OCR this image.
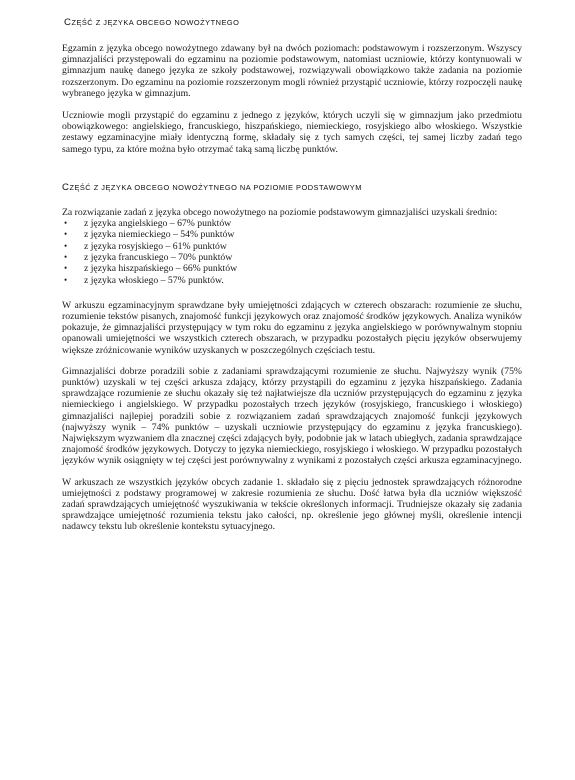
CZĘŚĆ Z JĘZYKA OBCEGO NOWOŻYTNEGO

Egzamin z języka obcego nowożytnego zdawany był na dwóch poziomach: podstawowym i rozszerzonym. Wszyscy gimnazjaliści przystępowali do egzaminu na poziomie podstawowym, natomiast uczniowie, którzy kontynuowali w gimnazjum naukę danego języka ze szkoły podstawowej, rozwiązywali obowiązkowo także zadania na poziomie rozszerzonym. Do egzaminu na poziomie rozszerzonym mogli również przystąpić uczniowie, którzy rozpoczęli naukę wybranego języka w gimnazjum.

Uczniowie mogli przystąpić do egzaminu z jednego z języków, których uczyli się w gimnazjum jako przedmiotu obowiązkowego: angielskiego, francuskiego, hiszpańskiego, niemieckiego, rosyjskiego albo włoskiego. Wszystkie zestawy egzaminacyjne miały identyczną formę, składały się z tych samych części, tej samej liczby zadań tego samego typu, za które można było otrzymać taką samą liczbę punktów.

CZĘŚĆ Z JĘZYKA OBCEGO NOWOŻYTNEGO NA POZIOMIE PODSTAWOWYM

Za rozwiązanie zadań z języka obcego nowożytnego na poziomie podstawowym gimnazjaliści uzyskali średnio:

• z języka angielskiego – 67% punktów
• z języka niemieckiego – 54% punktów
• z języka rosyjskiego – 61% punktów
• z języka francuskiego – 70% punktów
• z języka hiszpańskiego – 66% punktów
• z języka włoskiego – 57% punktów.

W arkuszu egzaminacyjnym sprawdzane były umiejętności zdających w czterech obszarach: rozumienie ze słuchu, rozumienie tekstów pisanych, znajomość funkcji językowych oraz znajomość środków językowych. Analiza wyników pokazuje, że gimnazjaliści przystępujący w tym roku do egzaminu z języka angielskiego w porównywalnym stopniu opanowali umiejętności we wszystkich czterech obszarach, w przypadku pozostałych pięciu języków obserwujemy większe zróżnicowanie wyników uzyskanych w poszczególnych częściach testu.

Gimnazjaliści dobrze poradzili sobie z zadaniami sprawdzającymi rozumienie ze słuchu. Najwyższy wynik (75% punktów) uzyskali w tej części arkusza zdający, którzy przystąpili do egzaminu z języka hiszpańskiego. Zadania sprawdzające rozumienie ze słuchu okazały się też najłatwiejsze dla uczniów przystępujących do egzaminu z języka niemieckiego i angielskiego. W przypadku pozostałych trzech języków (rosyjskiego, francuskiego i włoskiego) gimnazjaliści najlepiej poradzili sobie z rozwiązaniem zadań sprawdzających znajomość funkcji językowych (najwyższy wynik – 74% punktów – uzyskali uczniowie przystępujący do egzaminu z języka francuskiego). Największym wyzwaniem dla znacznej części zdających były, podobnie jak w latach ubiegłych, zadania sprawdzające znajomość środków językowych. Dotyczy to języka niemieckiego, rosyjskiego i włoskiego. W przypadku pozostałych języków wynik osiągnięty w tej części jest porównywalny z wynikami z pozostałych części arkusza egzaminacyjnego.

W arkuszach ze wszystkich języków obcych zadanie 1. składało się z pięciu jednostek sprawdzających różnorodne umiejętności z podstawy programowej w zakresie rozumienia ze słuchu. Dość łatwa była dla uczniów większość zadań sprawdzających umiejętność wyszukiwania w tekście określonych informacji. Trudniejsze okazały się zadania sprawdzające umiejętność rozumienia tekstu jako całości, np. określenie jego głównej myśli, określenie intencji nadawcy tekstu lub określenie kontekstu sytuacyjnego.
